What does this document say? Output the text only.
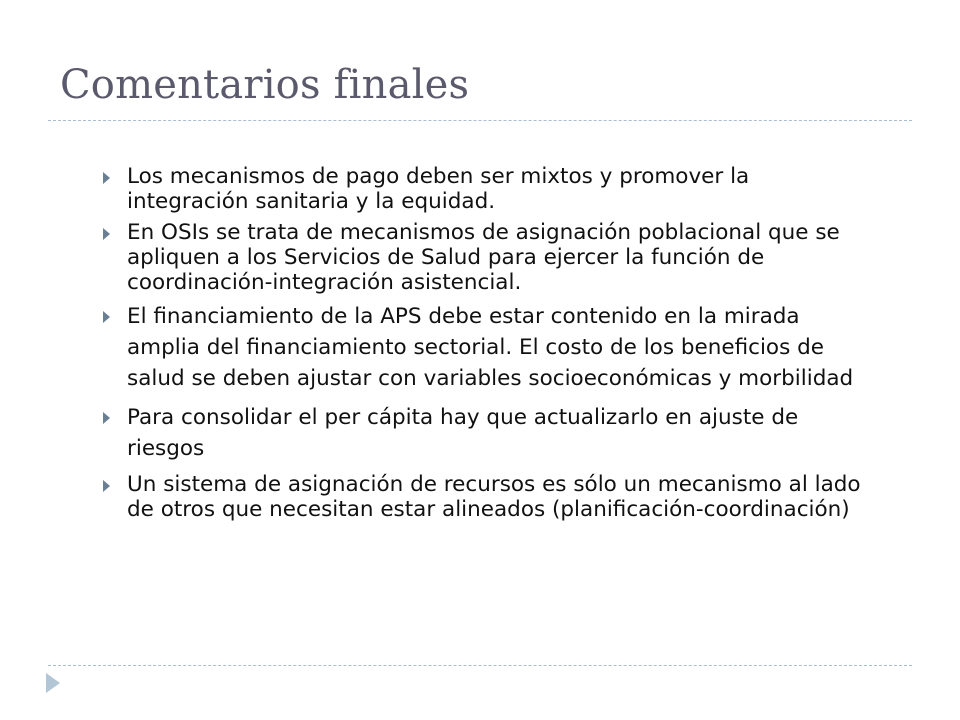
Comentarios finales
Los mecanismos de pago deben ser mixtos y promover la integración sanitaria y la equidad.
En OSIs se trata de mecanismos de asignación poblacional que se apliquen a los Servicios de Salud para ejercer la función de coordinación-integración asistencial.
El financiamiento de la APS debe estar contenido en la mirada amplia del financiamiento sectorial. El costo de los beneficios de salud se deben ajustar con variables socioeconómicas y morbilidad
Para consolidar el per cápita hay que actualizarlo en ajuste de riesgos
Un sistema de asignación de recursos es sólo un mecanismo al lado de otros que necesitan estar alineados (planificación-coordinación)
